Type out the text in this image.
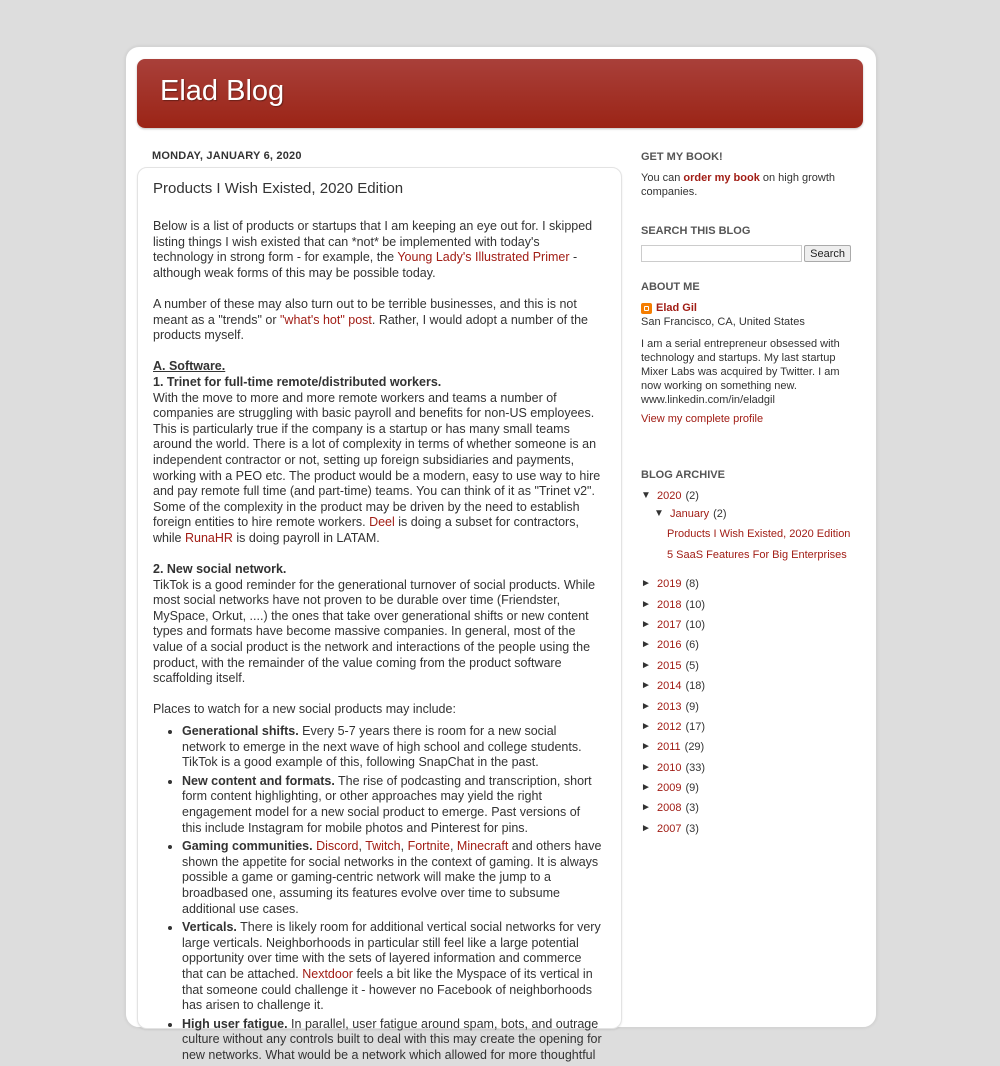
Elad Blog
MONDAY, JANUARY 6, 2020
Products I Wish Existed, 2020 Edition

Below is a list of products or startups that I am keeping an eye out for. I skipped listing things I wish existed that can *not* be implemented with today's technology in strong form - for example, the Young Lady's Illustrated Primer - although weak forms of this may be possible today.

A number of these may also turn out to be terrible businesses, and this is not meant as a "trends" or "what's hot" post. Rather, I would adopt a number of the products myself.

A. Software.

1. Trinet for full-time remote/distributed workers.

With the move to more and more remote workers and teams a number of companies are struggling with basic payroll and benefits for non-US employees. This is particularly true if the company is a startup or has many small teams around the world. There is a lot of complexity in terms of whether someone is an independent contractor or not, setting up foreign subsidiaries and payments, working with a PEO etc. The product would be a modern, easy to use way to hire and pay remote full time (and part-time) teams. You can think of it as "Trinet v2". Some of the complexity in the product may be driven by the need to establish foreign entities to hire remote workers. Deel is doing a subset for contractors, while RunaHR is doing payroll in LATAM.

2. New social network.

TikTok is a good reminder for the generational turnover of social products. While most social networks have not proven to be durable over time (Friendster, MySpace, Orkut, ....) the ones that take over generational shifts or new content types and formats have become massive companies. In general, most of the value of a social product is the network and interactions of the people using the product, with the remainder of the value coming from the product software scaffolding itself.

Places to watch for a new social products may include:

• Generational shifts. Every 5-7 years there is room for a new social network to emerge in the next wave of high school and college students. TikTok is a good example of this, following SnapChat in the past.
• New content and formats. The rise of podcasting and transcription, short form content highlighting, or other approaches may yield the right engagement model for a new social product to emerge. Past versions of this include Instagram for mobile photos and Pinterest for pins.
• Gaming communities. Discord, Twitch, Fortnite, Minecraft and others have shown the appetite for social networks in the context of gaming. It is always possible a game or gaming-centric network will make the jump to a broadbased one, assuming its features evolve over time to subsume additional use cases.
• Verticals. There is likely room for additional vertical social networks for very large verticals. Neighborhoods in particular still feel like a large potential opportunity over time with the sets of layered information and commerce that can be attached. Nextdoor feels a bit like the Myspace of its vertical in that someone could challenge it - however no Facebook of neighborhoods has arisen to challenge it.
• High user fatigue. In parallel, user fatigue around spam, bots, and outrage culture without any controls built to deal with this may create the opening for new networks. What would be a network which allowed for more thoughtful
GET MY BOOK!
You can order my book on high growth companies.
SEARCH THIS BLOG
Search
ABOUT ME
Elad Gil
San Francisco, CA, United States
I am a serial entrepreneur obsessed with technology and startups. My last startup Mixer Labs was acquired by Twitter. I am now working on something new. www.linkedin.com/in/eladgil
View my complete profile
BLOG ARCHIVE
▼ 2020 (2)
▼ January (2)
Products I Wish Existed, 2020 Edition
5 SaaS Features For Big Enterprises
► 2019 (8)
► 2018 (10)
► 2017 (10)
► 2016 (6)
► 2015 (5)
► 2014 (18)
► 2013 (9)
► 2012 (17)
► 2011 (29)
► 2010 (33)
► 2009 (9)
► 2008 (3)
► 2007 (3)
